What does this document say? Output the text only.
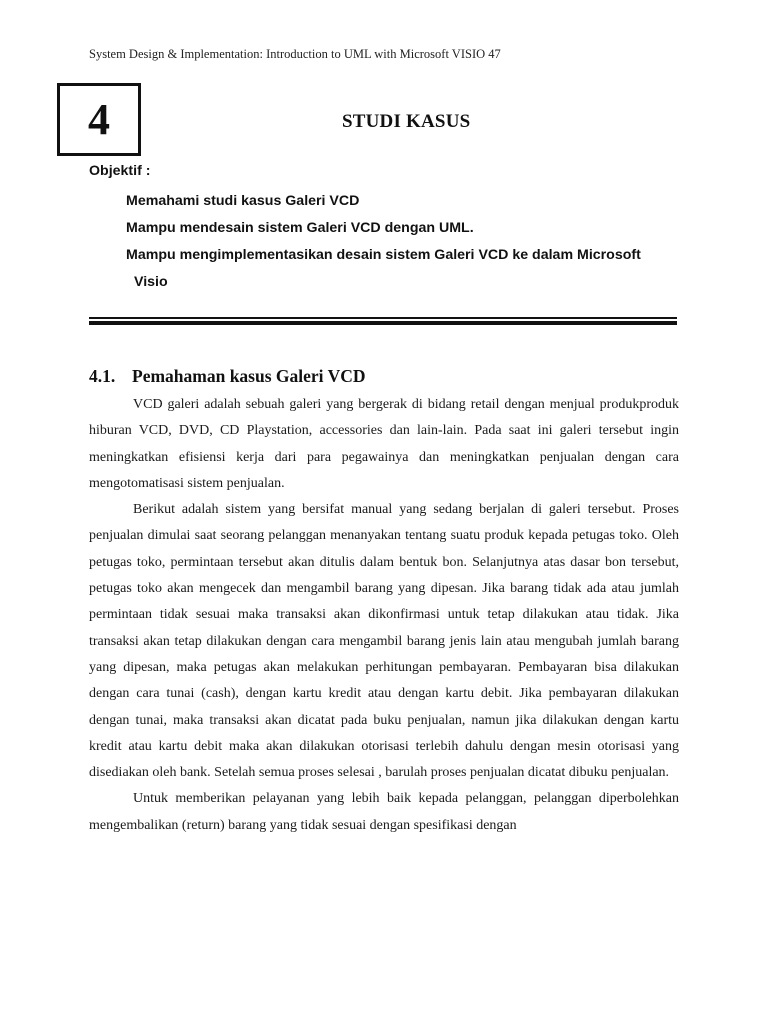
System Design & Implementation: Introduction to UML with Microsoft VISIO 47
4	STUDI KASUS
Objektif :
Memahami studi kasus Galeri VCD
Mampu mendesain sistem Galeri VCD dengan UML.
Mampu mengimplementasikan desain sistem Galeri VCD ke dalam Microsoft
Visio
4.1. Pemahaman kasus Galeri VCD

VCD galeri adalah sebuah galeri yang bergerak di bidang retail dengan menjual produkproduk hiburan VCD, DVD, CD Playstation, accessories dan lain-lain. Pada saat ini galeri tersebut ingin meningkatkan efisiensi kerja dari para pegawainya dan meningkatkan penjualan dengan cara mengotomatisasi sistem penjualan.

Berikut adalah sistem yang bersifat manual yang sedang berjalan di galeri tersebut. Proses penjualan dimulai saat seorang pelanggan menanyakan tentang suatu produk kepada petugas toko. Oleh petugas toko, permintaan tersebut akan ditulis dalam bentuk bon. Selanjutnya atas dasar bon tersebut, petugas toko akan mengecek dan mengambil barang yang dipesan. Jika barang tidak ada atau jumlah permintaan tidak sesuai maka transaksi akan dikonfirmasi untuk tetap dilakukan atau tidak. Jika transaksi akan tetap dilakukan dengan cara mengambil barang jenis lain atau mengubah jumlah barang yang dipesan, maka petugas akan melakukan perhitungan pembayaran. Pembayaran bisa dilakukan dengan cara tunai (cash), dengan kartu kredit atau dengan kartu debit. Jika pembayaran dilakukan dengan tunai, maka transaksi akan dicatat pada buku penjualan, namun jika dilakukan dengan kartu kredit atau kartu debit maka akan dilakukan otorisasi terlebih dahulu dengan mesin otorisasi yang disediakan oleh bank. Setelah semua proses selesai , barulah proses penjualan dicatat dibuku penjualan.

Untuk memberikan pelayanan yang lebih baik kepada pelanggan, pelanggan diperbolehkan mengembalikan (return) barang yang tidak sesuai dengan spesifikasi dengan
